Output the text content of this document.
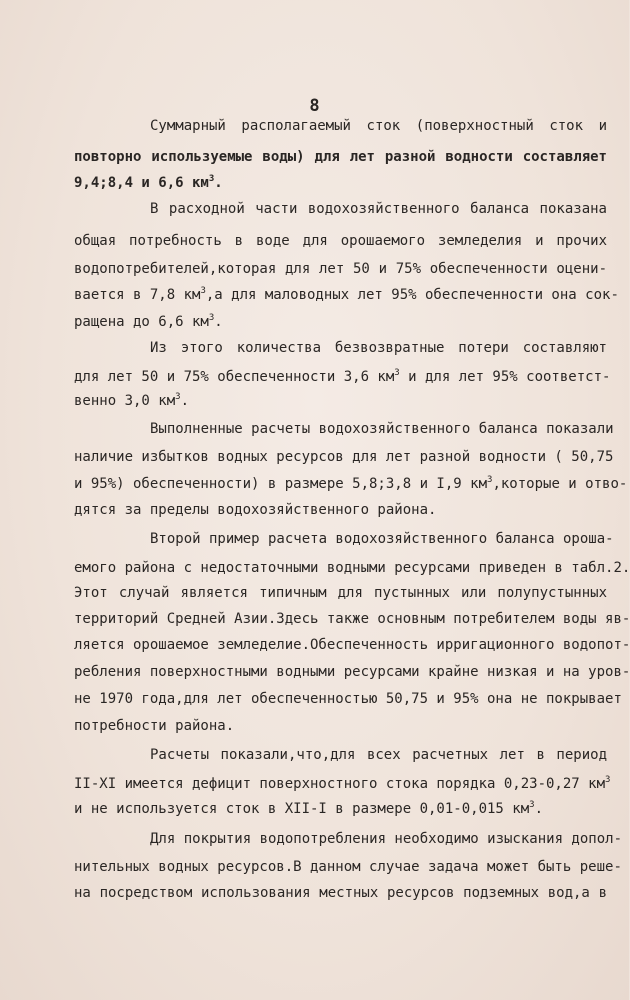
8
Суммарный располагаемый сток (поверхностный сток и
повторно используемые воды) для лет разной водности составляет
9,4;8,4 и 6,6 $км^3$.
В расходной части водохозяйственного баланса показана
общая потребность в воде для орошаемого земледелия и прочих
водопотребителей,которая для лет 50 и 75% обеспеченности оцени-
вается в 7,8 $км^3,а$ для маловодных лет 95% обеспеченности она сок-
ращена до 6,6 $км^3$.
Из этого количества безвозвратные потери составляют
для лет 50 и 75% обеспеченности 3,6 $км^3$ и для лет 95% соответст-
венно 3,0 $км^3$.
Выполненные расчеты водохозяйственного баланса показали
наличие избытков водных ресурсов для лет разной водности ( 50,75
и 95%) обеспеченности) в размере 5,8;3,8 и I,9 $км^3,которые$ и отво-
дятся за пределы водохозяйственного района.
Второй пример расчета водохозяйственного баланса ороша-
емого района с недостаточными водными ресурсами приведен в табл.2.
Этот случай является типичным для пустынных или полупустынных
территорий Средней Азии.Здесь также основным потребителем воды яв-
ляется орошаемое земледелие.Обеспеченность ирригационного водопот-
ребления поверхностными водными ресурсами крайне низкая и на уров-
не 1970 года,для лет обеспеченностью 50,75 и 95% она не покрывает
потребности района.
Расчеты показали,что,для всех расчетных лет в период
II-XI имеется дефицит поверхностного стока порядка 0,23-0,27 $км^3$
и не используется сток в XII-I в размере 0,01-0,015 $км^3$.
Для покрытия водопотребления необходимо изыскания допол-
нительных водных ресурсов.В данном случае задача может быть реше-
на посредством использования местных ресурсов подземных вод,а в
